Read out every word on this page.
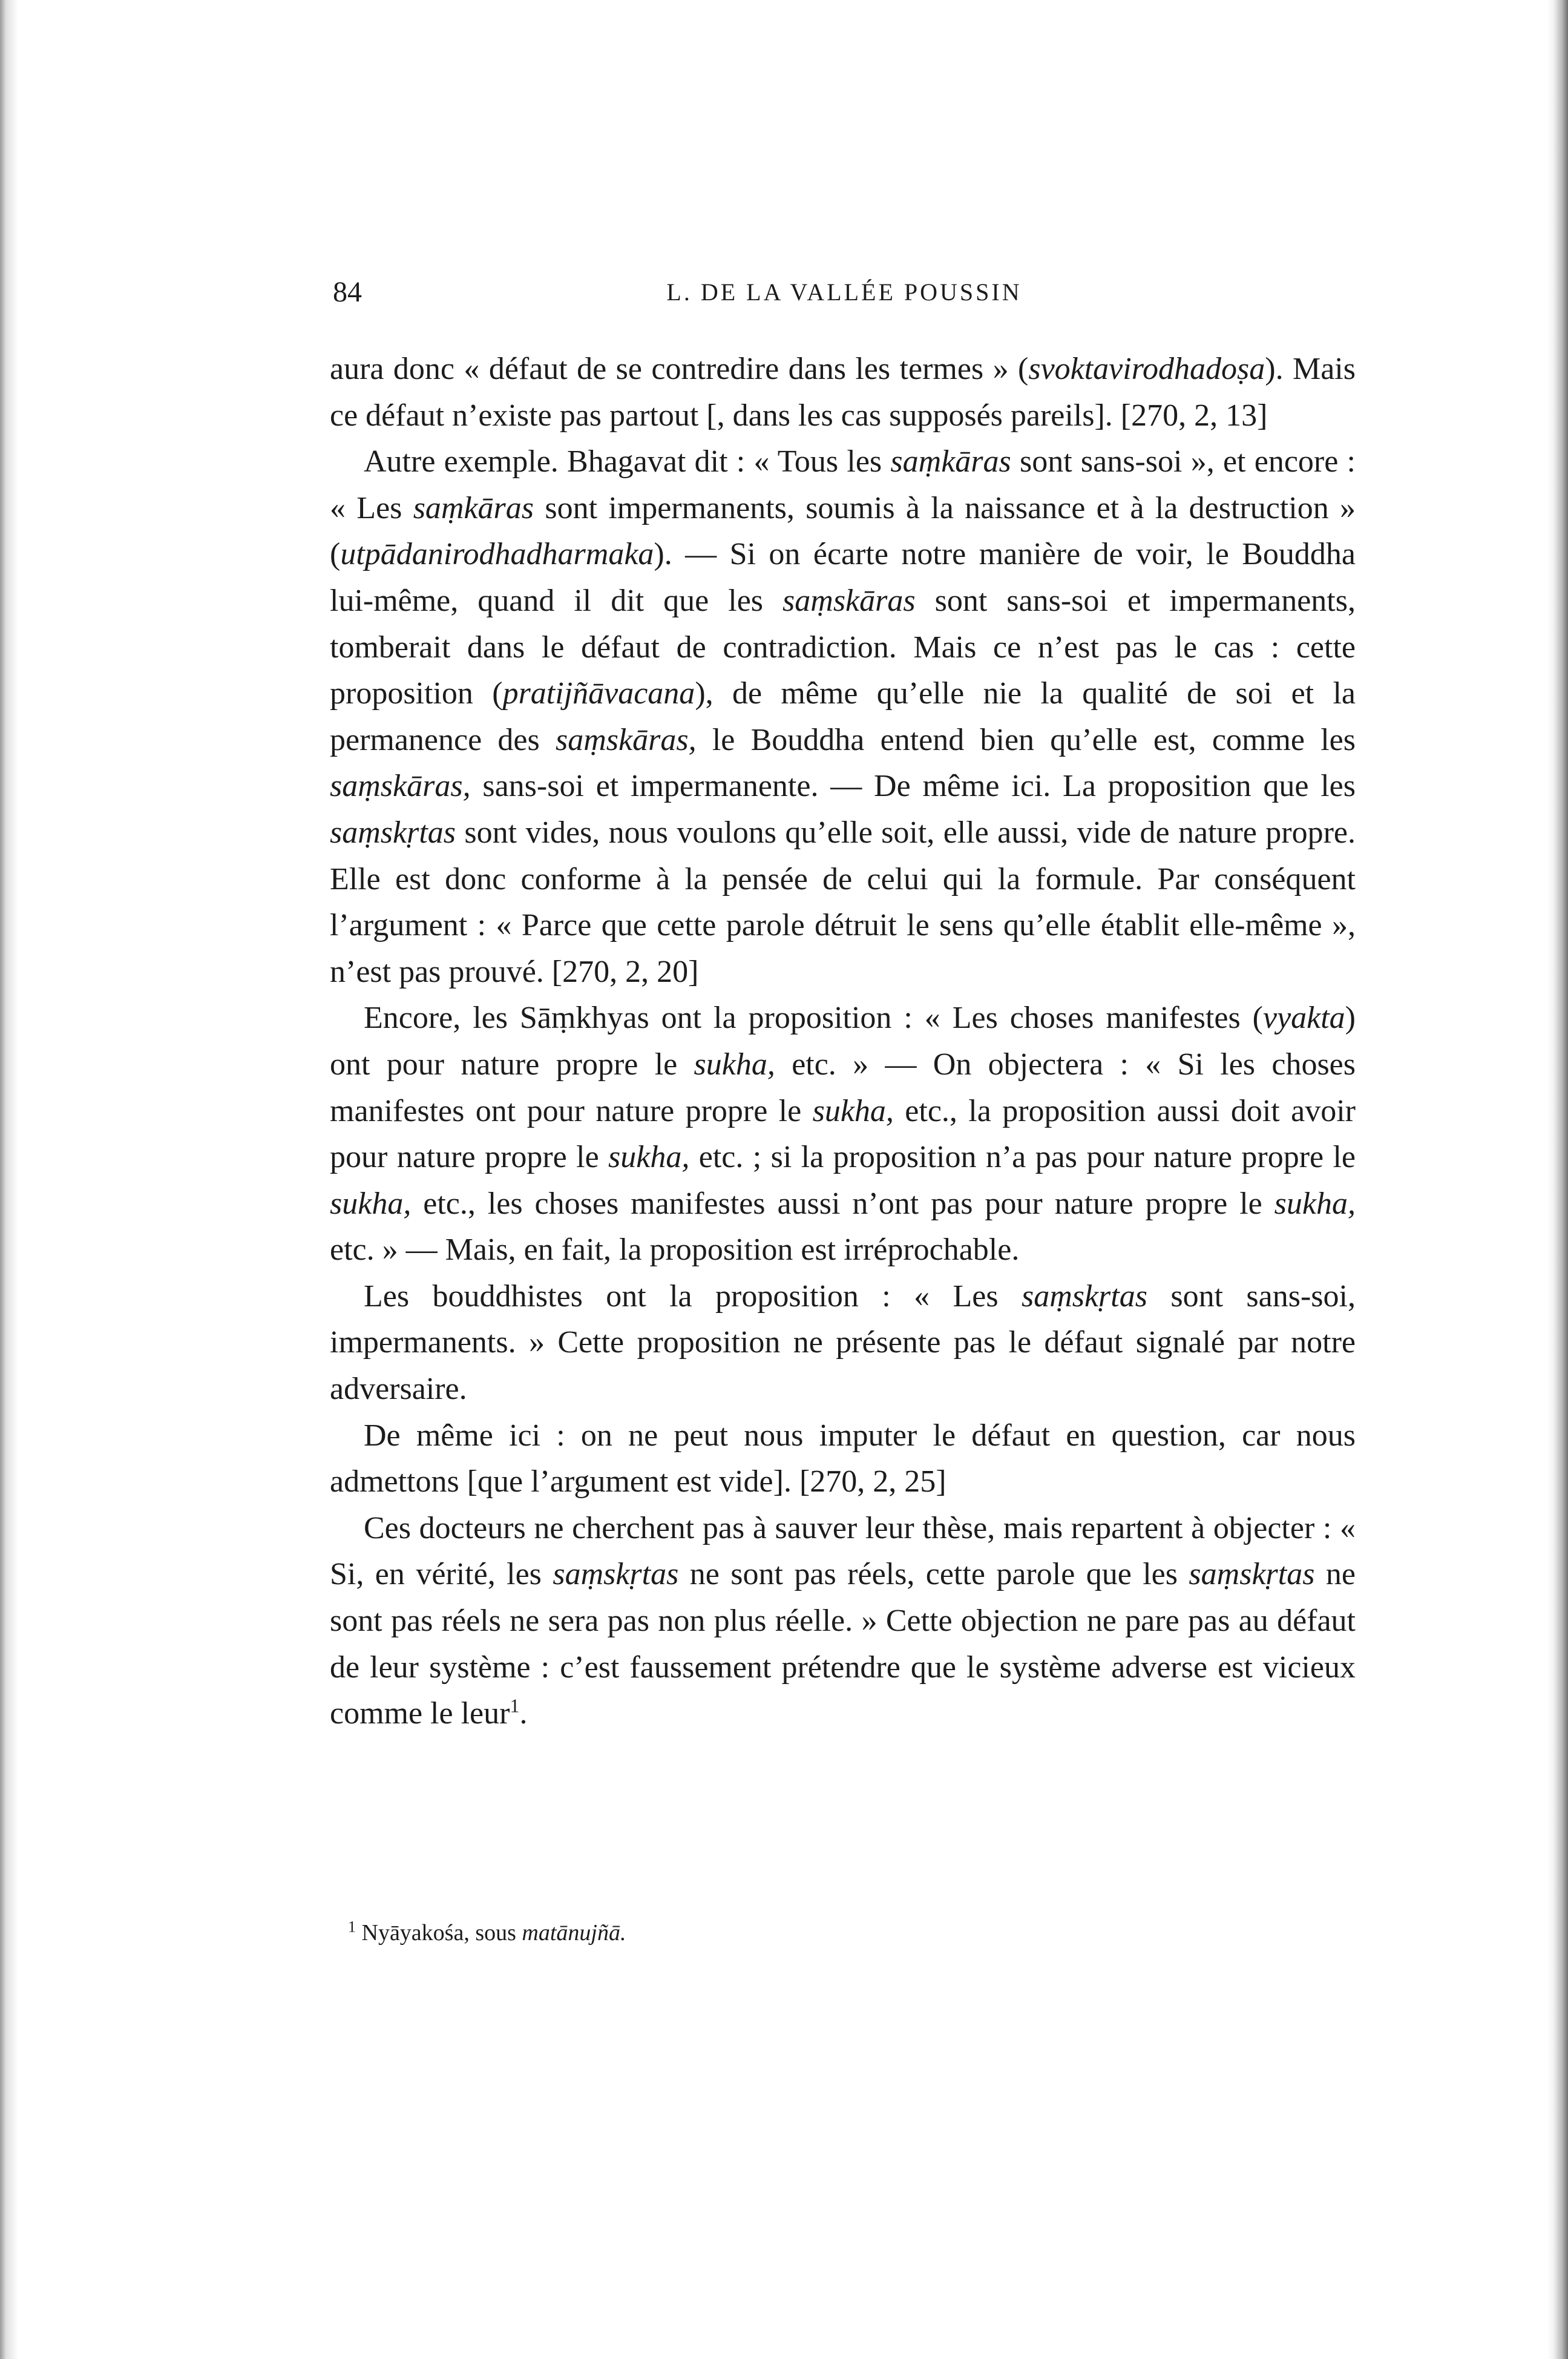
84	L. DE LA VALLÉE POUSSIN

aura donc « défaut de se contredire dans les termes » (svoktavirodhadoṣa). Mais ce défaut n’existe pas partout [, dans les cas supposés pareils]. [270, 2, 13]

Autre exemple. Bhagavat dit : « Tous les saṃkāras sont sans-soi », et encore : « Les saṃkāras sont impermanents, soumis à la naissance et à la destruction » (utpādanirodhadharmaka). — Si on écarte notre manière de voir, le Bouddha lui-même, quand il dit que les saṃskāras sont sans-soi et impermanents, tomberait dans le défaut de contradiction. Mais ce n’est pas le cas : cette proposition (pratijñāvacana), de même qu’elle nie la qualité de soi et la permanence des saṃskāras, le Bouddha entend bien qu’elle est, comme les saṃskāras, sans-soi et impermanente. — De même ici. La proposition que les saṃskṛtas sont vides, nous voulons qu’elle soit, elle aussi, vide de nature propre. Elle est donc conforme à la pensée de celui qui la formule. Par conséquent l’argument : « Parce que cette parole détruit le sens qu’elle établit elle-même », n’est pas prouvé. [270, 2, 20]

Encore, les Sāṃkhyas ont la proposition : « Les choses manifestes (vyakta) ont pour nature propre le sukha, etc. » — On objectera : « Si les choses manifestes ont pour nature propre le sukha, etc., la proposition aussi doit avoir pour nature propre le sukha, etc. ; si la proposition n’a pas pour nature propre le sukha, etc., les choses manifestes aussi n’ont pas pour nature propre le sukha, etc. » — Mais, en fait, la proposition est irréprochable.

Les bouddhistes ont la proposition : « Les saṃskṛtas sont sans-soi, impermanents. » Cette proposition ne présente pas le défaut signalé par notre adversaire.

De même ici : on ne peut nous imputer le défaut en question, car nous admettons [que l’argument est vide]. [270, 2, 25]

Ces docteurs ne cherchent pas à sauver leur thèse, mais repartent à objecter : « Si, en vérité, les saṃskṛtas ne sont pas réels, cette parole que les saṃskṛtas ne sont pas réels ne sera pas non plus réelle. » Cette objection ne pare pas au défaut de leur système : c’est faussement prétendre que le système adverse est vicieux comme le leur$^1$.

$^1$ Nyāyakośa, sous matānujñā.
